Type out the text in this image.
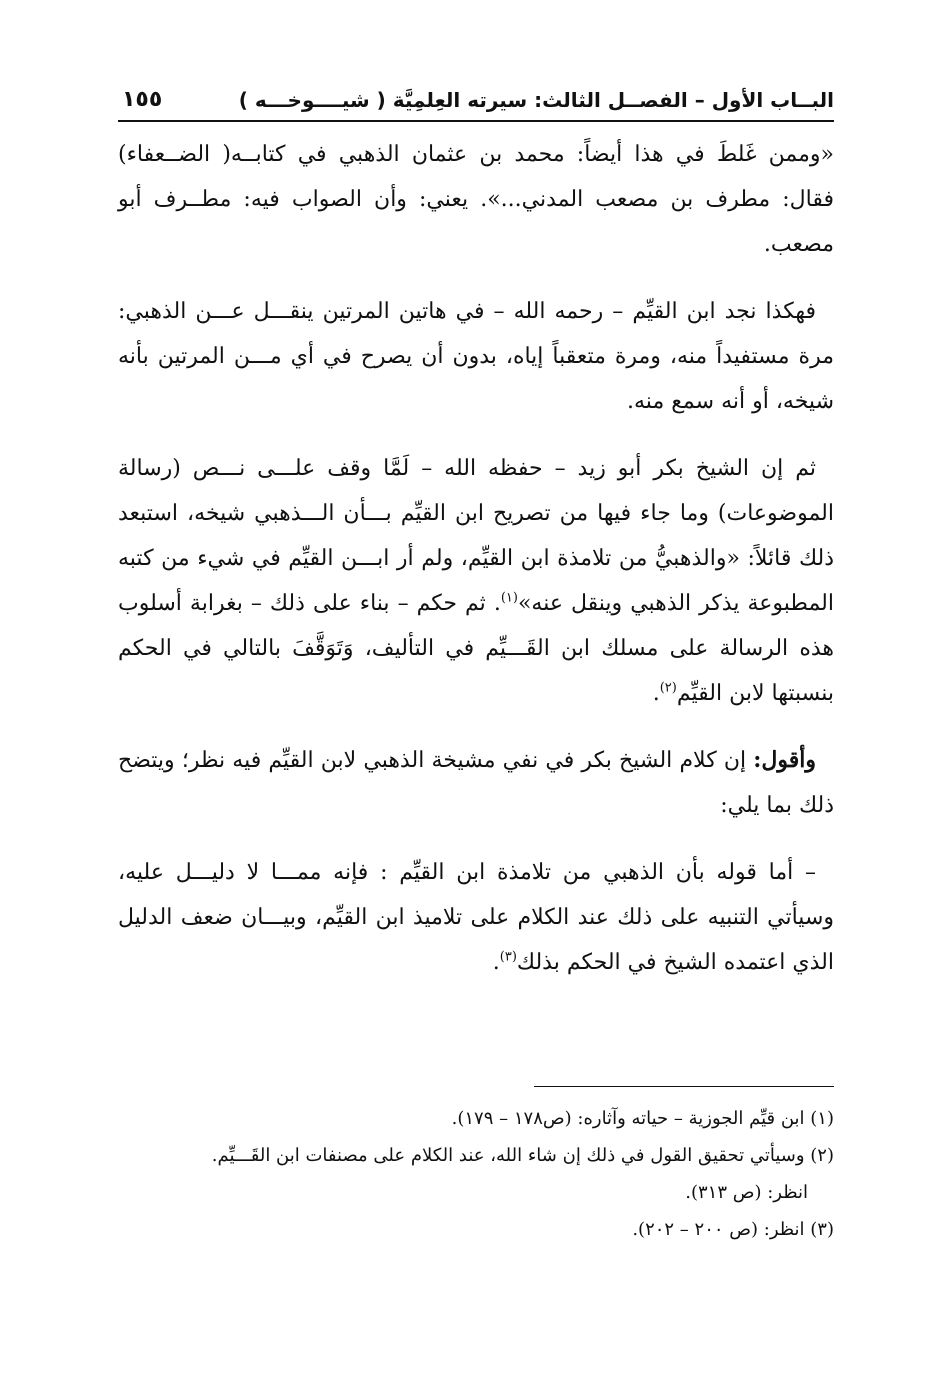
البــاب الأول – الفصــل الثالث: سيرته العِلمِيَّة ( شيــــوخـــه )
١٥٥

«وممن غَلطَ في هذا أيضاً: محمد بن عثمان الذهبي في كتابــه( الضــعفاء) فقال: مطرف بن مصعب المدني...». يعني: وأن الصواب فيه: مطــرف أبو مصعب.

فهكذا نجد ابن القيِّم – رحمه الله – في هاتين المرتين ينقـــل عـــن الذهبي: مرة مستفيداً منه، ومرة متعقباً إياه، بدون أن يصرح في أي مـــن المرتين بأنه شيخه، أو أنه سمع منه.

ثم إن الشيخ بكر أبو زيد – حفظه الله – لَمَّا وقف علـــى نـــص (رسالة الموضوعات) وما جاء فيها من تصريح ابن القيِّم بـــأن الـــذهبي شيخه، استبعد ذلك قائلاً: «والذهبيُّ من تلامذة ابن القيِّم، ولم أر ابـــن القيِّم في شيء من كتبه المطبوعة يذكر الذهبي وينقل عنه»$^{(١)}$. ثم حكم – بناء على ذلك – بغرابة أسلوب هذه الرسالة على مسلك ابن القَـــيِّم في التأليف، وَتَوَقَّفَ بالتالي في الحكم بنسبتها لابن القيِّم$^{(٢)}$.

وأقول: إن كلام الشيخ بكر في نفي مشيخة الذهبي لابن القيِّم فيه نظر؛ ويتضح ذلك بما يلي:

– أما قوله بأن الذهبي من تلامذة ابن القيِّم : فإنه ممـــا لا دليـــل عليه، وسيأتي التنبيه على ذلك عند الكلام على تلاميذ ابن القيِّم، وبيـــان ضعف الدليل الذي اعتمده الشيخ في الحكم بذلك$^{(٣)}$.

(١) ابن قيِّم الجوزية – حياته وآثاره: (ص١٧٨ – ١٧٩).

(٢) وسيأتي تحقيق القول في ذلك إن شاء الله، عند الكلام على مصنفات ابن القَـــيِّم.

انظر: (ص ٣١٣).

(٣) انظر: (ص ٢٠٠ – ٢٠٢).
